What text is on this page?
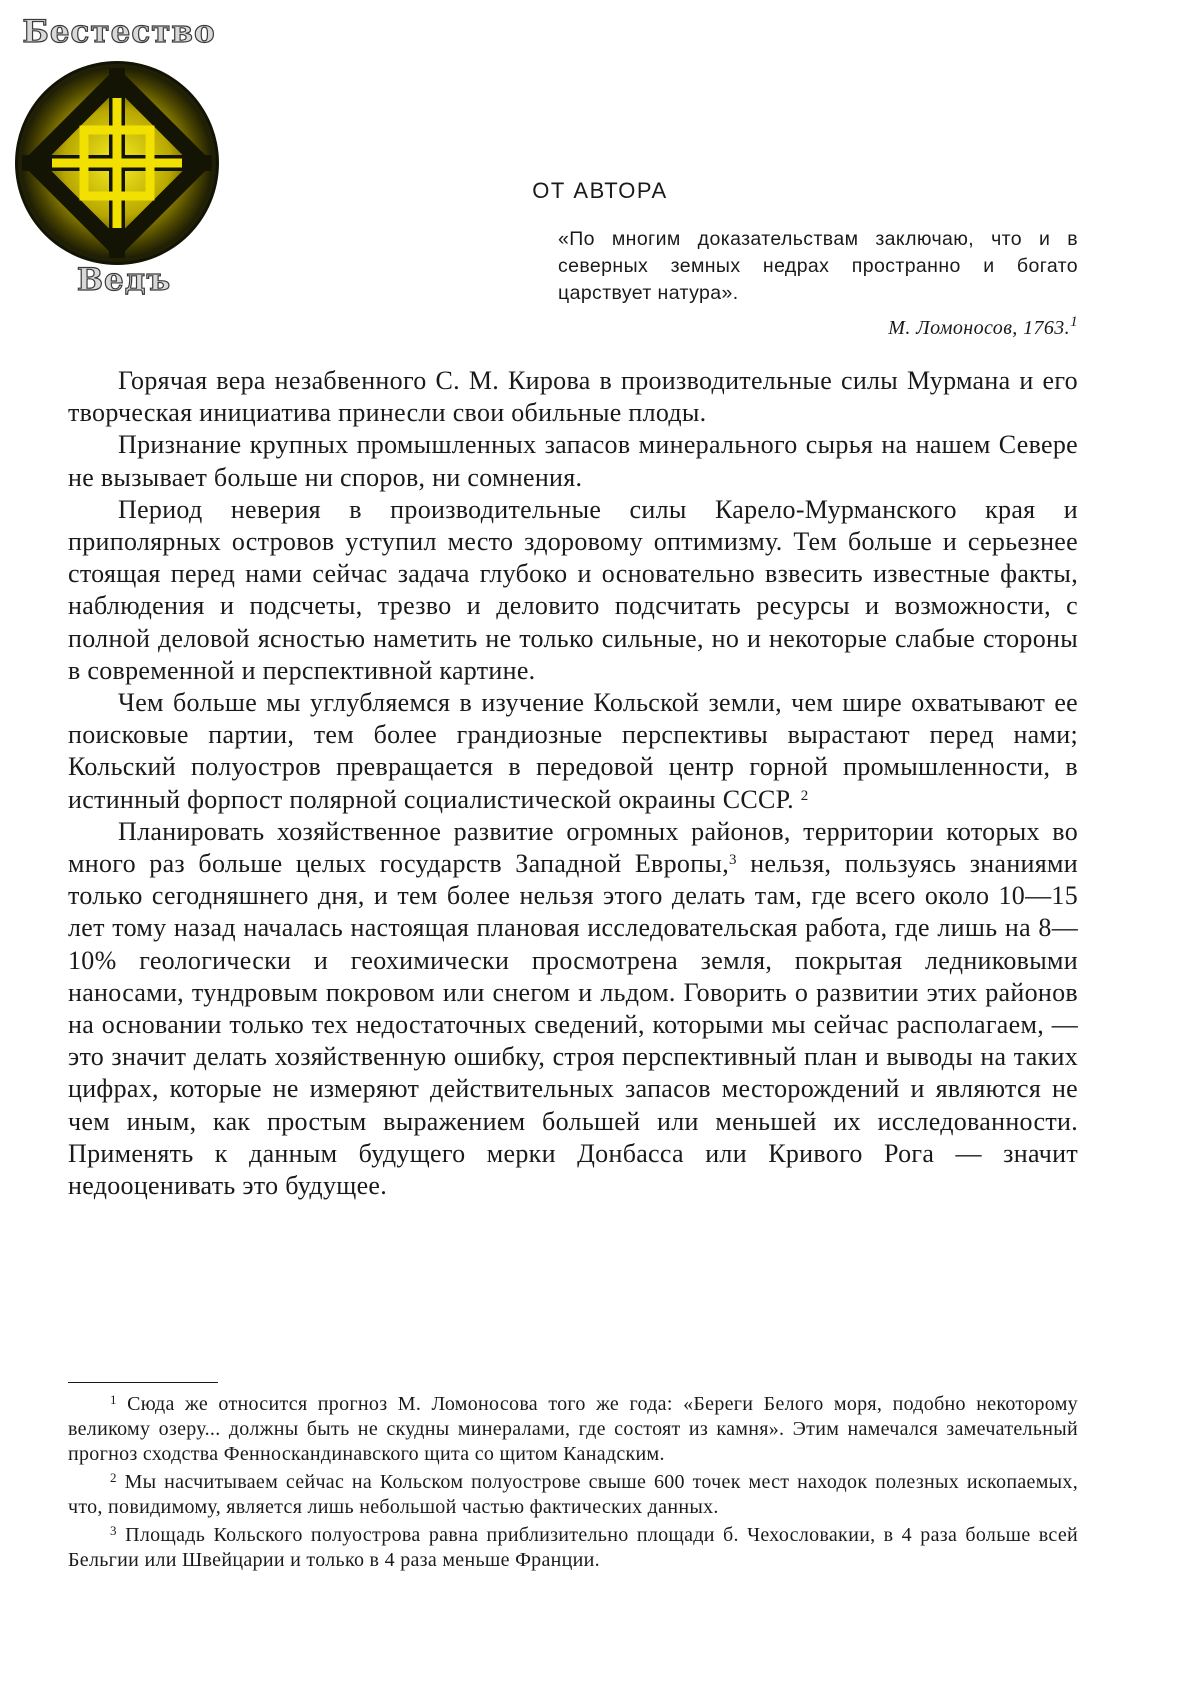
Бестество
Ведъ
ОТ АВТОРА

«По многим доказательствам заключаю, что и в северных земных недрах пространно и богато царствует натура».

М. Ломоносов, 1763.$^1$

Горячая вера незабвенного С. М. Кирова в производительные силы Мурмана и его творческая инициатива принесли свои обильные плоды.

Признание крупных промышленных запасов минерального сырья на нашем Севере не вызывает больше ни споров, ни сомнения.

Период неверия в производительные силы Карело-Мурманского края и приполярных островов уступил место здоровому оптимизму. Тем больше и серьезнее стоящая перед нами сейчас задача глубоко и основательно взвесить известные факты, наблюдения и подсчеты, трезво и деловито подсчитать ресурсы и возможности, с полной деловой ясностью наметить не только сильные, но и некоторые слабые стороны в современной и перспективной картине.

Чем больше мы углубляемся в изучение Кольской земли, чем шире охватывают ее поисковые партии, тем более грандиозные перспективы вырастают перед нами; Кольский полуостров превращается в передовой центр горной промышленности, в истинный форпост полярной социалистической окраины СССР. $^2$

Планировать хозяйственное развитие огромных районов, территории которых во много раз больше целых государств Западной Европы,$^3$ нельзя, пользуясь знаниями только сегодняшнего дня, и тем более нельзя этого делать там, где всего около 10—15 лет тому назад началась настоящая плановая исследовательская работа, где лишь на 8—10% геологически и геохимически просмотрена земля, покрытая ледниковыми наносами, тундровым покровом или снегом и льдом. Говорить о развитии этих районов на основании только тех недостаточных сведений, которыми мы сейчас располагаем, — это значит делать хозяйственную ошибку, строя перспективный план и выводы на таких цифрах, которые не измеряют действительных запасов месторождений и являются не чем иным, как простым выражением большей или меньшей их исследованности. Применять к данным будущего мерки Донбасса или Кривого Рога — значит недооценивать это будущее.

$^1$ Сюда же относится прогноз М. Ломоносова того же года: «Береги Белого моря, подобно некоторому великому озеру... должны быть не скудны минералами, где состоят из камня». Этим намечался замечательный прогноз сходства Фенноскандинавского щита со щитом Канадским.

$^2$ Мы насчитываем сейчас на Кольском полуострове свыше 600 точек мест находок полезных ископаемых, что, повидимому, является лишь небольшой частью фактических данных.

$^3$ Площадь Кольского полуострова равна приблизительно площади б. Чехословакии, в 4 раза больше всей Бельгии или Швейцарии и только в 4 раза меньше Франции.
